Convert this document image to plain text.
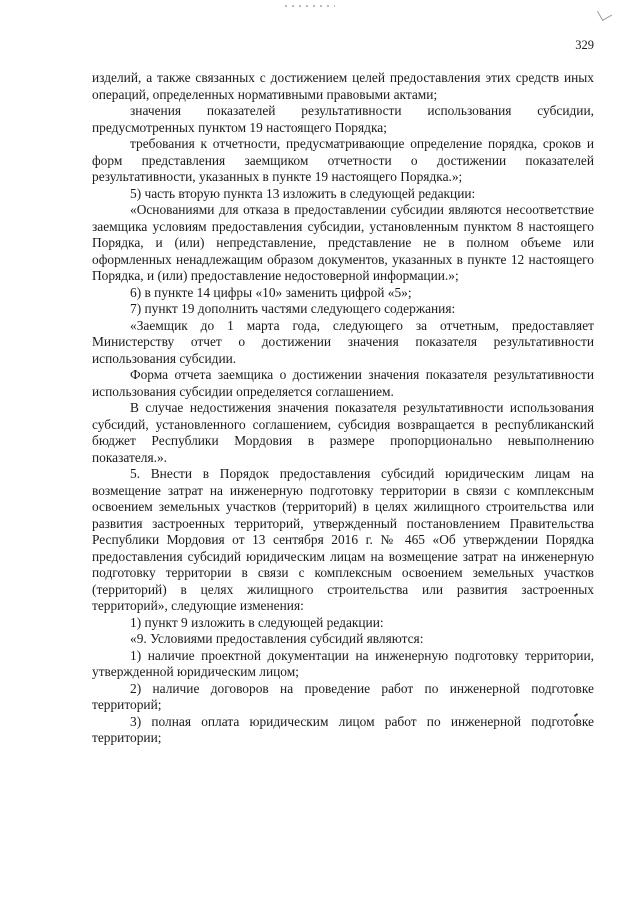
329

изделий, а также связанных с достижением целей предоставления этих средств иных операций, определенных нормативными правовыми актами;

значения показателей результативности использования субсидии, предусмотренных пунктом 19 настоящего Порядка;

требования к отчетности, предусматривающие определение порядка, сроков и форм представления заемщиком отчетности о достижении показателей результативности, указанных в пункте 19 настоящего Порядка.»;

5) часть вторую пункта 13 изложить в следующей редакции:

«Основаниями для отказа в предоставлении субсидии являются несоответствие заемщика условиям предоставления субсидии, установленным пунктом 8 настоящего Порядка, и (или) непредставление, представление не в полном объеме или оформленных ненадлежащим образом документов, указанных в пункте 12 настоящего Порядка, и (или) предоставление недостоверной информации.»;

6) в пункте 14 цифры «10» заменить цифрой «5»;

7) пункт 19 дополнить частями следующего содержания:

«Заемщик до 1 марта года, следующего за отчетным, предоставляет Министерству отчет о достижении значения показателя результативности использования субсидии.

Форма отчета заемщика о достижении значения показателя результативности использования субсидии определяется соглашением.

В случае недостижения значения показателя результативности использования субсидий, установленного соглашением, субсидия возвращается в республиканский бюджет Республики Мордовия в размере пропорционально невыполнению показателя.».

5. Внести в Порядок предоставления субсидий юридическим лицам на возмещение затрат на инженерную подготовку территории в связи с комплексным освоением земельных участков (территорий) в целях жилищного строительства или развития застроенных территорий, утвержденный постановлением Правительства Республики Мордовия от 13 сентября 2016 г. № 465 «Об утверждении Порядка предоставления субсидий юридическим лицам на возмещение затрат на инженерную подготовку территории в связи с комплексным освоением земельных участков (территорий) в целях жилищного строительства или развития застроенных территорий», следующие изменения:

1) пункт 9 изложить в следующей редакции:

«9. Условиями предоставления субсидий являются:

1) наличие проектной документации на инженерную подготовку территории, утвержденной юридическим лицом;

2) наличие договоров на проведение работ по инженерной подготовке территорий;

3) полная оплата юридическим лицом работ по инженерной подготовке территории;
